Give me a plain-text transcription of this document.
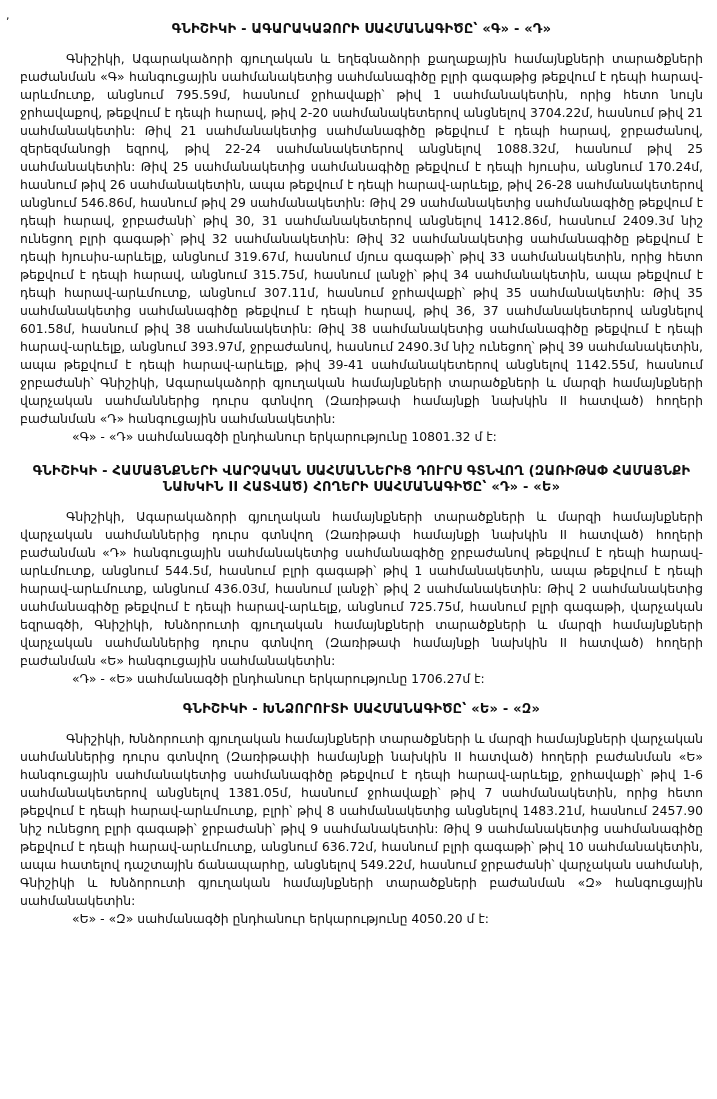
,

ԳՆԻՇԻԿԻ - ԱԳԱՐԱԿԱՁՈՐԻ ՍԱՀՄԱՆԱԳԻԾԸ՝ «Գ» - «Դ»

Գնիշիկի, Ագարակաձորի գյուղական և եղեգնաձորի քաղաքային համայնքների տարածքների բաժանման «Գ» հանգուցային սահմանակետից սահմանագիծը բլրի գագաթից թեքվում է դեպի հարավ-արևմուտք, անցնում 795.59մ, հասնում ջրհավաքի՝ թիվ 1 սահմանակետին, որից հետո նույն ջրհավաքով, թեքվում է դեպի հարավ, թիվ 2-20 սահմանակետերով անցնելով 3704.22մ, հասնում թիվ 21 սահմանակետին: Թիվ 21 սահմանակետից սահմանագիծը թեքվում է դեպի հարավ, ջրբաժանով, զերեզմանոցի եզրով, թիվ 22-24 սահմանակետերով անցնելով 1088.32մ, հասնում թիվ 25 սահմանակետին: Թիվ 25 սահմանակետից սահմանագիծը թեքվում է դեպի հյուսիս, անցնում 170.24մ, հասնում թիվ 26 սահմանակետին, ապա թեքվում է դեպի հարավ-արևելք, թիվ 26-28 սահմանակետերով անցնում 546.86մ, հասնում թիվ 29 սահմանակետին: Թիվ 29 սահմանակետից սահմանագիծը թեքվում է դեպի հարավ, ջրբաժանի՝ թիվ 30, 31 սահմանակետերով անցնելով 1412.86մ, հասնում 2409.3մ նիշ ունեցող բլրի գագաթի՝ թիվ 32 սահմանակետին: Թիվ 32 սահմանակետից սահմանագիծը թեքվում է դեպի հյուսիս-արևելք, անցնում 319.67մ, հասնում մյուս գագաթի՝ թիվ 33 սահմանակետին, որից հետո թեքվում է դեպի հարավ, անցնում 315.75մ, հասնում լանջի՝ թիվ 34 սահմանակետին, ապա թեքվում է դեպի հարավ-արևմուտք, անցնում 307.11մ, հասնում ջրհավաքի՝ թիվ 35 սահմանակետին: Թիվ 35 սահմանակետից սահմանագիծը թեքվում է դեպի հարավ, թիվ 36, 37 սահմանակետերով անցնելով 601.58մ, հասնում թիվ 38 սահմանակետին: Թիվ 38 սահմանակետից սահմանագիծը թեքվում է դեպի հարավ-արևելք, անցնում 393.97մ, ջրբաժանով, հասնում 2490.3մ նիշ ունեցող՝ թիվ 39 սահմանակետին, ապա թեքվում է դեպի հարավ-արևելք, թիվ 39-41 սահմանակետերով անցնելով 1142.55մ, հասնում ջրբաժանի՝ Գնիշիկի, Ագարակաձորի գյուղական համայնքների տարածքների և մարզի համայնքների վարչական սահմաններից դուրս գտնվող (Զառիթափ համայնքի նախկին II հատված) հողերի բաժանման «Դ» հանգուցային սահմանակետին:

«Գ» - «Դ» սահմանագծի ընդհանուր երկարությունը 10801.32 մ է:

ԳՆԻՇԻԿԻ - ՀԱՄԱՅՆՔՆԵՐԻ ՎԱՐՉԱԿԱՆ ՍԱՀՄԱՆՆԵՐԻՑ ԴՈՒՐՍ ԳՏՆՎՈՂ (ԶԱՌԻԹԱՓ ՀԱՄԱՅՆՔԻ ՆԱԽԿԻՆ II ՀԱՏՎԱԾ) ՀՈՂԵՐԻ ՍԱՀՄԱՆԱԳԻԾԸ՝ «Դ» - «Ե»

Գնիշիկի, Ագարակաձորի գյուղական համայնքների տարածքների և մարզի համայնքների վարչական սահմաններից դուրս գտնվող (Զառիթափ համայնքի նախկին II հատված) հողերի բաժանման «Դ» հանգուցային սահմանակետից սահմանագիծը ջրբաժանով թեքվում է դեպի հարավ-արևմուտք, անցնում 544.5մ, հասնում բլրի գագաթի՝ թիվ 1 սահմանակետին, ապա թեքվում է դեպի հարավ-արևմուտք, անցնում 436.03մ, հասնում լանջի՝ թիվ 2 սահմանակետին: Թիվ 2 սահմանակետից սահմանագիծը թեքվում է դեպի հարավ-արևելք, անցնում 725.75մ, հասնում բլրի գագաթի, վարչական եզրագծի, Գնիշիկի, Խնձորուտի գյուղական համայնքների տարածքների և մարզի համայնքների վարչական սահմաններից դուրս գտնվող (Զառիթափ համայնքի նախկին II հատված) հողերի բաժանման «Ե» հանգուցային սահմանակետին:

«Դ» - «Ե» սահմանագծի ընդհանուր երկարությունը 1706.27մ է:

ԳՆԻՇԻԿԻ - ԽՆՁՈՐՈՒՏԻ ՍԱՀՄԱՆԱԳԻԾԸ՝ «Ե» - «Զ»

Գնիշիկի, Խնձորուտի գյուղական համայնքների տարածքների և մարզի համայնքների վարչական սահմաններից դուրս գտնվող (Զառիթափի համայնքի նախկին II հատված) հողերի բաժանման «Ե» հանգուցային սահմանակետից սահմանագիծը թեքվում է դեպի հարավ-արևելք, ջրհավաքի՝ թիվ 1-6 սահմանակետերով անցնելով 1381.05մ, հասնում ջրհավաքի՝ թիվ 7 սահմանակետին, որից հետո թեքվում է դեպի հարավ-արևմուտք, բլրի՝ թիվ 8 սահմանակետից անցնելով 1483.21մ, հասնում 2457.90 նիշ ունեցող բլրի գագաթի՝ ջրբաժանի՝ թիվ 9 սահմանակետին: Թիվ 9 սահմանակետից սահմանագիծը թեքվում է դեպի հարավ-արևմուտք, անցնում 636.72մ, հասնում բլրի գագաթի՝ թիվ 10 սահմանակետին, ապա հատելով դաշտային ճանապարհը, անցնելով 549.22մ, հասնում ջրբաժանի՝ վարչական սահմանի, Գնիշիկի և Խնձորուտի գյուղական համայնքների տարածքների բաժանման «Զ» հանգուցային սահմանակետին:

«Ե» - «Զ» սահմանագծի ընդհանուր երկարությունը 4050.20 մ է:
